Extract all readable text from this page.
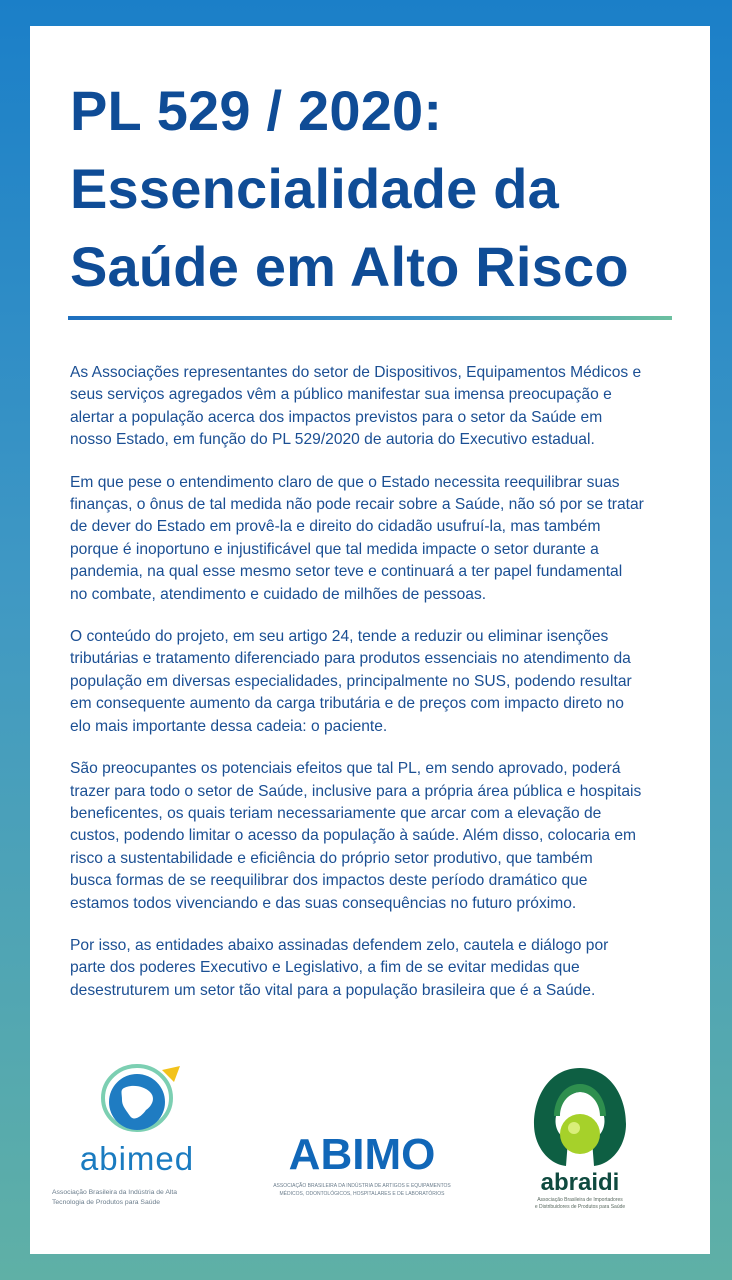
PL 529 / 2020:
Essencialidade da
Saúde em Alto Risco

As Associações representantes do setor de Dispositivos, Equipamentos Médicos e
seus serviços agregados vêm a público manifestar sua imensa preocupação e
alertar a população acerca dos impactos previstos para o setor da Saúde em
nosso Estado, em função do PL 529/2020 de autoria do Executivo estadual.

Em que pese o entendimento claro de que o Estado necessita reequilibrar suas
finanças, o ônus de tal medida não pode recair sobre a Saúde, não só por se tratar
de dever do Estado em provê-la e direito do cidadão usufruí-la, mas também
porque é inoportuno e injustificável que tal medida impacte o setor durante a
pandemia, na qual esse mesmo setor teve e continuará a ter papel fundamental
no combate, atendimento e cuidado de milhões de pessoas.

O conteúdo do projeto, em seu artigo 24, tende a reduzir ou eliminar isenções
tributárias e tratamento diferenciado para produtos essenciais no atendimento da
população em diversas especialidades, principalmente no SUS, podendo resultar
em consequente aumento da carga tributária e de preços com impacto direto no
elo mais importante dessa cadeia: o paciente.

São preocupantes os potenciais efeitos que tal PL, em sendo aprovado, poderá
trazer para todo o setor de Saúde, inclusive para a própria área pública e hospitais
beneficentes, os quais teriam necessariamente que arcar com a elevação de
custos, podendo limitar o acesso da população à saúde. Além disso, colocaria em
risco a sustentabilidade e eficiência do próprio setor produtivo, que também
busca formas de se reequilibrar dos impactos deste período dramático que
estamos todos vivenciando e das suas consequências no futuro próximo.

Por isso, as entidades abaixo assinadas defendem zelo, cautela e diálogo por
parte dos poderes Executivo e Legislativo, a fim de se evitar medidas que
desestruturem um setor tão vital para a população brasileira que é a Saúde.

abimed
Associação Brasileira da Indústria de Alta
Tecnologia de Produtos para Saúde
ABIMO
ASSOCIAÇÃO BRASILEIRA DA INDÚSTRIA DE ARTIGOS E EQUIPAMENTOS
MÉDICOS, ODONTOLÓGICOS, HOSPITALARES E DE LABORATÓRIOS	abraidi
Associação Brasileira de Importadores
e Distribuidores de Produtos para Saúde
